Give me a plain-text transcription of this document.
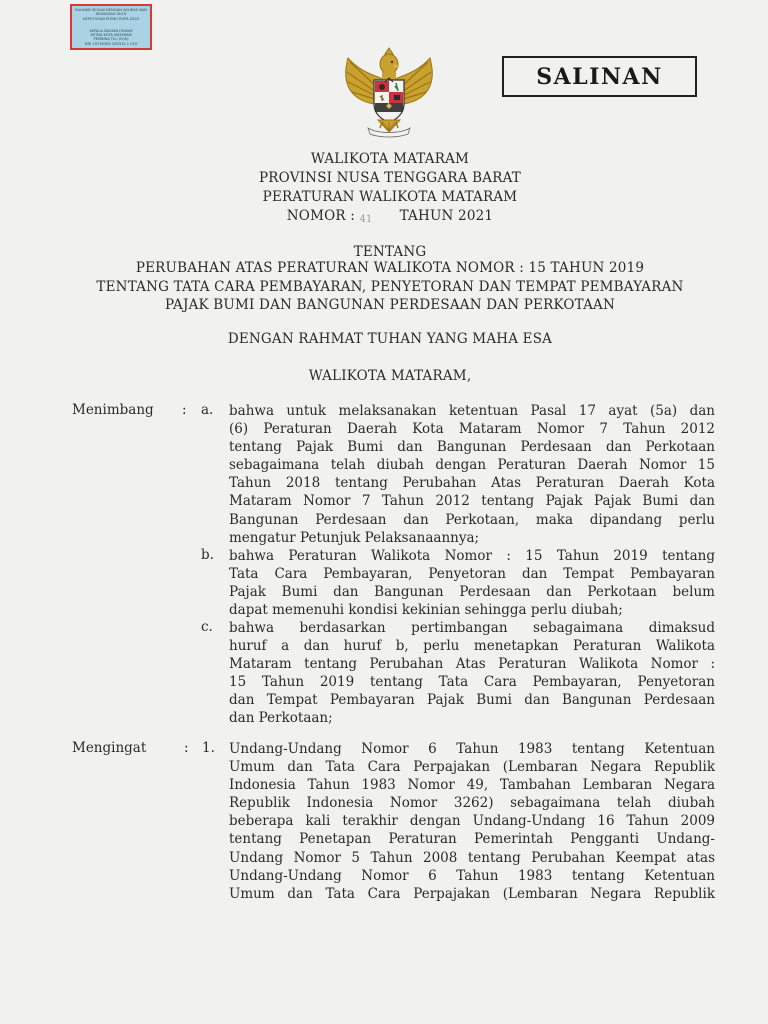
SALINAN SESUAI DENGAN ASLINYA DAN
DIUNGGAH OLEH
KEPUTUSAN PLENO RUPA 2020
KEPALA BAGIAN HUKUM
SETDA KOTA MATARAM
PEMBINA TK.I (IV/b)
NIP. 19730305 200312 1 010
SALINAN
WALIKOTA MATARAM
PROVINSI NUSA TENGGARA BARAT
PERATURAN WALIKOTA MATARAM
NOMOR : 41 TAHUN 2021
TENTANG
PERUBAHAN ATAS PERATURAN WALIKOTA NOMOR : 15 TAHUN 2019
TENTANG TATA CARA PEMBAYARAN, PENYETORAN DAN TEMPAT PEMBAYARAN
PAJAK BUMI DAN BANGUNAN PERDESAAN DAN PERKOTAAN
DENGAN RAHMAT TUHAN YANG MAHA ESA
WALIKOTA MATARAM,
Menimbang : a. bahwa untuk melaksanakan ketentuan Pasal 17 ayat (5a) dan
(6) Peraturan Daerah Kota Mataram Nomor 7 Tahun 2012
tentang Pajak Bumi dan Bangunan Perdesaan dan Perkotaan
sebagaimana telah diubah dengan Peraturan Daerah Nomor 15
Tahun 2018 tentang Perubahan Atas Peraturan Daerah Kota
Mataram Nomor 7 Tahun 2012 tentang Pajak Pajak Bumi dan
Bangunan Perdesaan dan Perkotaan, maka dipandang perlu
mengatur Petunjuk Pelaksanaannya;
b. bahwa Peraturan Walikota Nomor : 15 Tahun 2019 tentang
Tata Cara Pembayaran, Penyetoran dan Tempat Pembayaran
Pajak Bumi dan Bangunan Perdesaan dan Perkotaan belum
dapat memenuhi kondisi kekinian sehingga perlu diubah;
c. bahwa berdasarkan pertimbangan sebagaimana dimaksud
huruf a dan huruf b, perlu menetapkan Peraturan Walikota
Mataram tentang Perubahan Atas Peraturan Walikota Nomor :
15 Tahun 2019 tentang Tata Cara Pembayaran, Penyetoran
dan Tempat Pembayaran Pajak Bumi dan Bangunan Perdesaan
dan Perkotaan;
Mengingat	: 1. Undang-Undang Nomor 6 Tahun 1983 tentang Ketentuan
Umum dan Tata Cara Perpajakan (Lembaran Negara Republik
Indonesia Tahun 1983 Nomor 49, Tambahan Lembaran Negara
Republik Indonesia Nomor 3262) sebagaimana telah diubah
beberapa kali terakhir dengan Undang-Undang 16 Tahun 2009
tentang Penetapan Peraturan Pemerintah Pengganti Undang-
Undang Nomor 5 Tahun 2008 tentang Perubahan Keempat atas
Undang-Undang Nomor 6 Tahun 1983 tentang Ketentuan
Umum dan Tata Cara Perpajakan (Lembaran Negara Republik
